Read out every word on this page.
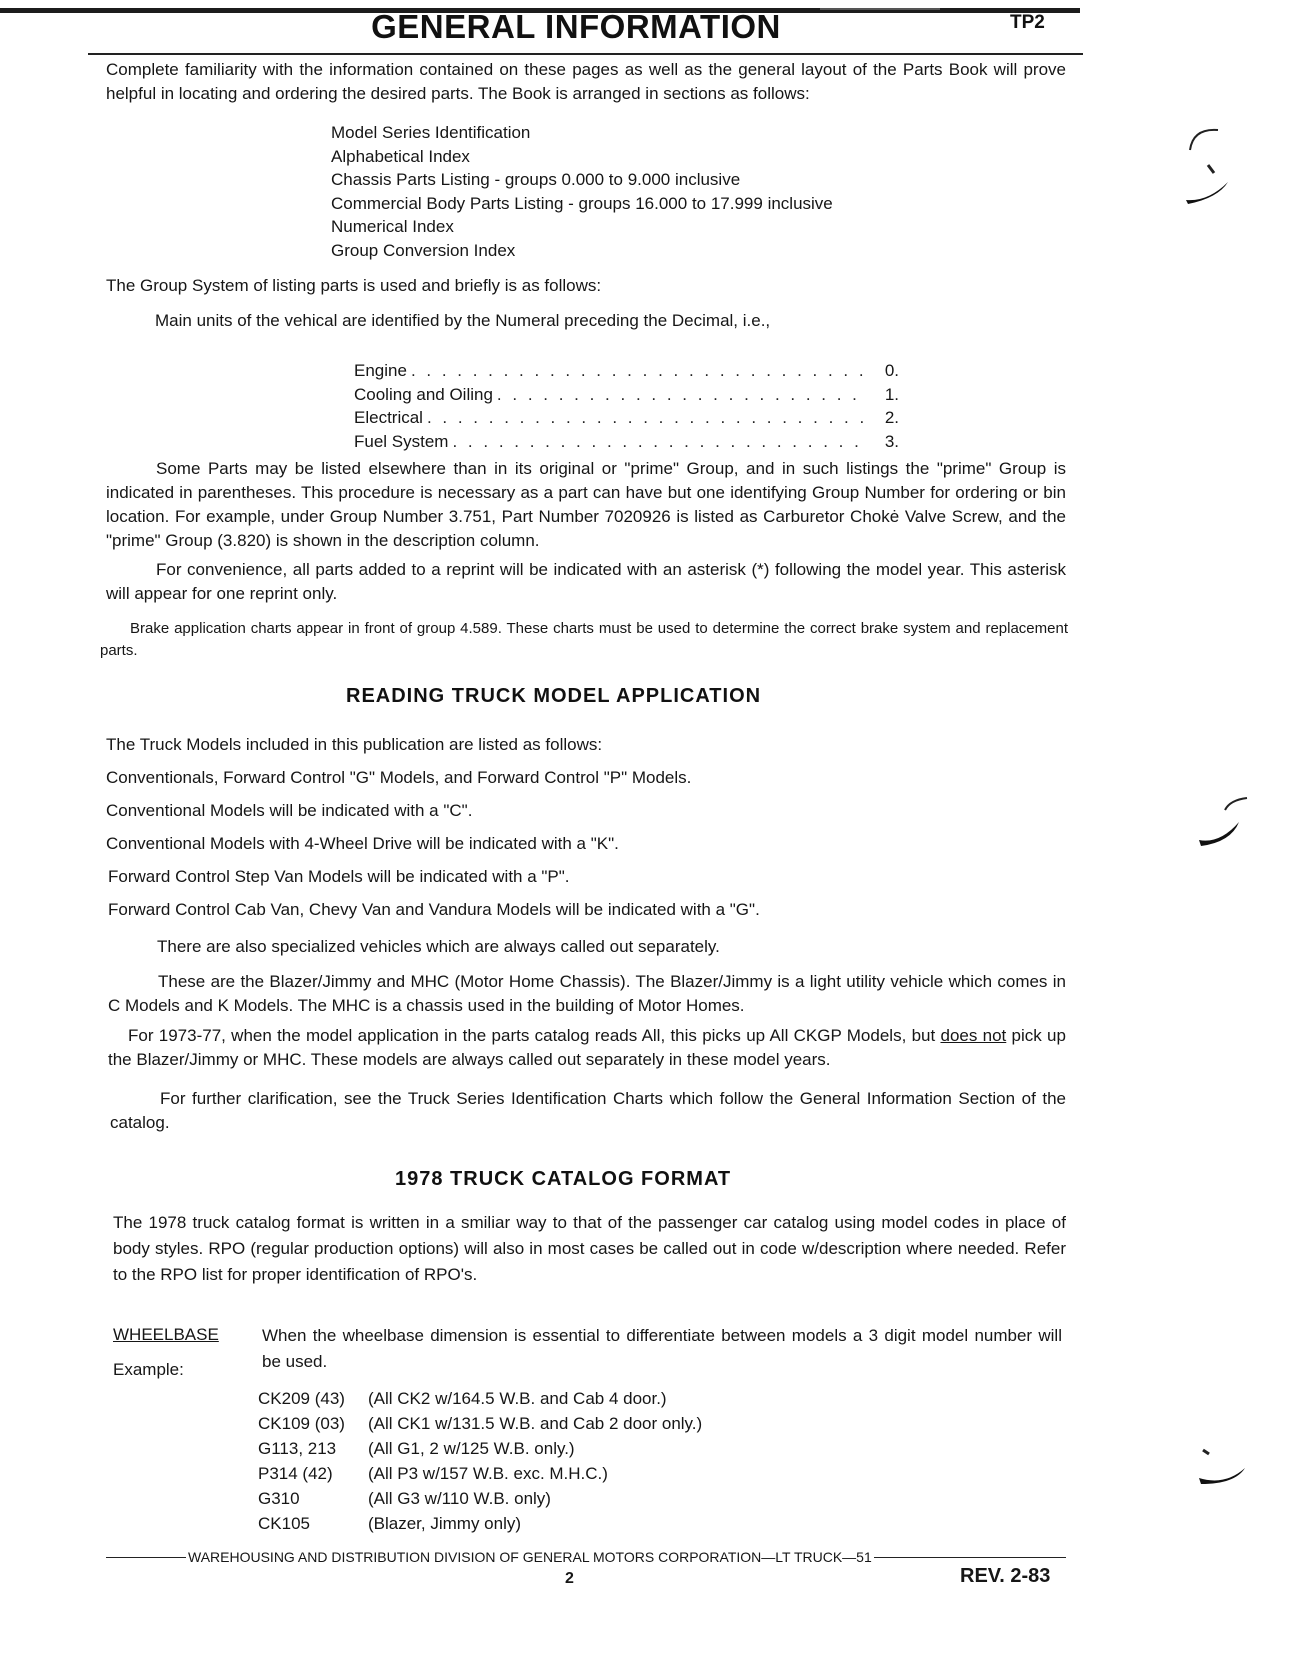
GENERAL INFORMATION	TP2
Complete familiarity with the information contained on these pages as well as the general layout of the Parts Book will prove helpful in locating and ordering the desired parts. The Book is arranged in sections as follows:
Model Series Identification
Alphabetical Index
Chassis Parts Listing - groups 0.000 to 9.000 inclusive
Commercial Body Parts Listing - groups 16.000 to 17.999 inclusive
Numerical Index
Group Conversion Index
The Group System of listing parts is used and briefly is as follows:
Main units of the vehical are identified by the Numeral preceding the Decimal, i.e.,
Engine . . .	0.
Cooling and Oiling . . .	1.
Electrical . . .	2.
Fuel System . . .	3.
Some Parts may be listed elsewhere than in its original or "prime" Group, and in such listings the "prime" Group is indicated in parentheses. This procedure is necessary as a part can have but one identifying Group Number for ordering or bin location. For example, under Group Number 3.751, Part Number 7020926 is listed as Carburetor Chokė Valve Screw, and the "prime" Group (3.820) is shown in the description column.
For convenience, all parts added to a reprint will be indicated with an asterisk (*) following the model year. This asterisk will appear for one reprint only.
Brake application charts appear in front of group 4.589. These charts must be used to determine the correct brake system and replacement parts.
READING TRUCK MODEL APPLICATION
The Truck Models included in this publication are listed as follows:
Conventionals, Forward Control "G" Models, and Forward Control "P" Models.
Conventional Models will be indicated with a "C".
Conventional Models with 4-Wheel Drive will be indicated with a "K".
Forward Control Step Van Models will be indicated with a "P".
Forward Control Cab Van, Chevy Van and Vandura Models will be indicated with a "G".
There are also specialized vehicles which are always called out separately.
These are the Blazer/Jimmy and MHC (Motor Home Chassis). The Blazer/Jimmy is a light utility vehicle which comes in C Models and K Models. The MHC is a chassis used in the building of Motor Homes.
For 1973-77, when the model application in the parts catalog reads All, this picks up All CKGP Models, but does not pick up the Blazer/Jimmy or MHC. These models are always called out separately in these model years.
For further clarification, see the Truck Series Identification Charts which follow the General Information Section of the catalog.
1978 TRUCK CATALOG FORMAT
The 1978 truck catalog format is written in a smiliar way to that of the passenger car catalog using model codes in place of body styles. RPO (regular production options) will also in most cases be called out in code w/description where needed. Refer to the RPO list for proper identification of RPO's.
WHEELBASE	When the wheelbase dimension is essential to differentiate between models a 3 digit model number will be used.
Example:
CK209 (43)	(All CK2 w/164.5 W.B. and Cab 4 door.)
CK109 (03)	(All CK1 w/131.5 W.B. and Cab 2 door only.)
G113, 213	(All G1, 2 w/125 W.B. only.)
P314 (42)	(All P3 w/157 W.B. exc. M.H.C.)
G310	(All G3 w/110 W.B. only)
CK105	(Blazer, Jimmy only)
WAREHOUSING AND DISTRIBUTION DIVISION OF GENERAL MOTORS CORPORATION—LT TRUCK—51
2	REV. 2-83
